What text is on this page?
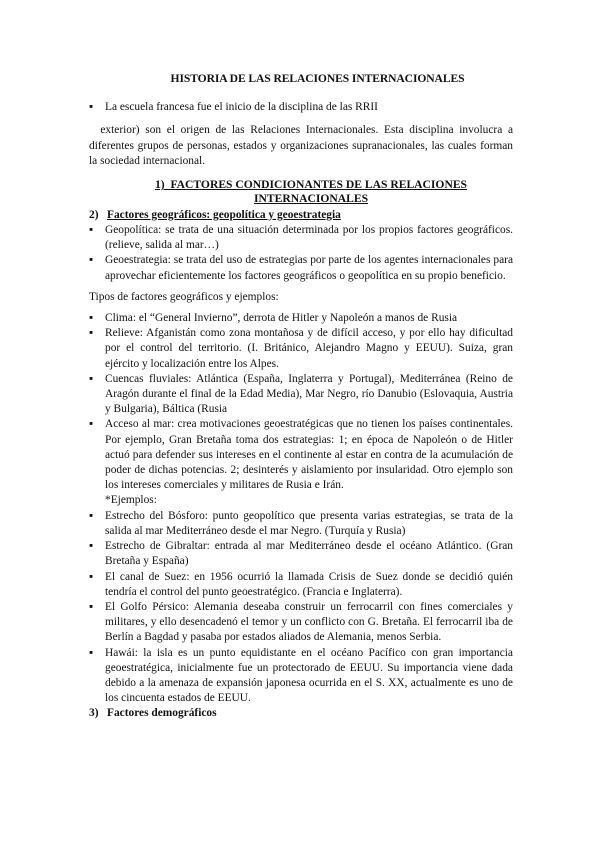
HISTORIA DE LAS RELACIONES INTERNACIONALES
▪	La escuela francesa fue el inicio de la disciplina de las RRII

exterior) son el origen de las Relaciones Internacionales. Esta disciplina involucra a diferentes grupos de personas, estados y organizaciones supranacionales, las cuales forman la sociedad internacional.

1) FACTORES CONDICIONANTES DE LAS RELACIONES INTERNACIONALES
2) Factores geográficos: geopolítica y geoestrategia
▪	Geopolítica: se trata de una situación determinada por los propios factores geográficos. (relieve, salida al mar…)
▪	Geoestrategia: se trata del uso de estrategias por parte de los agentes internacionales para aprovechar eficientemente los factores geográficos o geopolítica en su propio beneficio.

Tipos de factores geográficos y ejemplos:

▪	Clima: el “General Invierno”, derrota de Hitler y Napoleón a manos de Rusia
▪	Relieve: Afganistán como zona montañosa y de difícil acceso, y por ello hay dificultad por el control del territorio. (I. Británico, Alejandro Magno y EEUU). Suiza, gran ejército y localización entre los Alpes.
▪	Cuencas fluviales: Atlántica (España, Inglaterra y Portugal), Mediterránea (Reino de Aragón durante el final de la Edad Media), Mar Negro, río Danubio (Eslovaquia, Austria y Bulgaria), Báltica (Rusia
▪	Acceso al mar: crea motivaciones geoestratégicas que no tienen los países continentales. Por ejemplo, Gran Bretaña toma dos estrategias: 1; en época de Napoleón o de Hitler actuó para defender sus intereses en el continente al estar en contra de la acumulación de poder de dichas potencias. 2; desinterés y aislamiento por insularidad. Otro ejemplo son los intereses comerciales y militares de Rusia e Irán.
*Ejemplos:
▪	Estrecho del Bósforo: punto geopolítico que presenta varias estrategias, se trata de la salida al mar Mediterráneo desde el mar Negro. (Turquía y Rusia)
▪	Estrecho de Gibraltar: entrada al mar Mediterráneo desde el océano Atlántico. (Gran Bretaña y España)
▪	El canal de Suez: en 1956 ocurrió la llamada Crisis de Suez donde se decidió quién tendría el control del punto geoestratégico. (Francia e Inglaterra).
▪	El Golfo Pérsico: Alemania deseaba construir un ferrocarril con fines comerciales y militares, y ello desencadenó el temor y un conflicto con G. Bretaña. El ferrocarril iba de Berlín a Bagdad y pasaba por estados aliados de Alemania, menos Serbia.
▪	Hawái: la isla es un punto equidistante en el océano Pacífico con gran importancia geoestratégica, inicialmente fue un protectorado de EEUU. Su importancia viene dada debido a la amenaza de expansión japonesa ocurrida en el S. XX, actualmente es uno de los cincuenta estados de EEUU.
3) Factores demográficos
